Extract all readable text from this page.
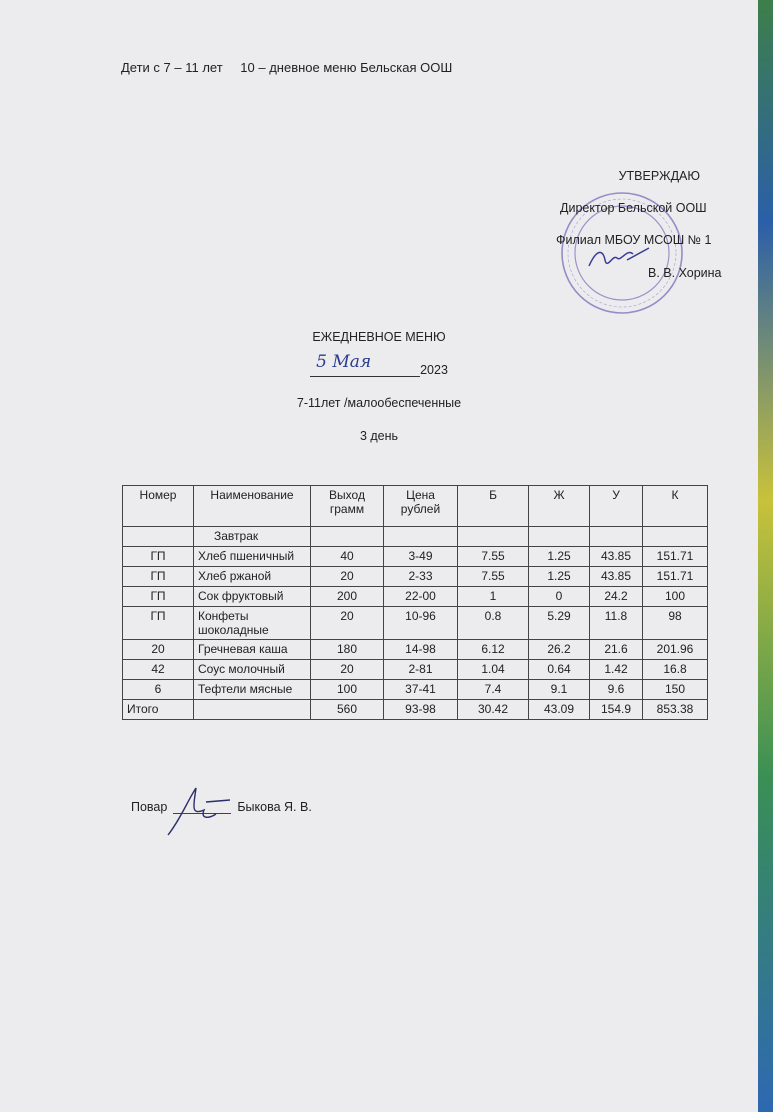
Дети с 7 – 11 лет 10 – дневное меню Бельская ООШ
УТВЕРЖДАЮ
Директор Бельской ООШ
Филиал МБОУ МСОШ № 1
В. В. Хорина
ЕЖЕДНЕВНОЕ МЕНЮ
5 Мая	2023
7-11лет /малообеспеченные
3 день
Номер	Наименование	Выход грамм	Цена рублей	Б	Ж	У	К
	Завтрак						
ГП	Хлеб пшеничный	40	3-49	7.55	1.25	43.85	151.71
ГП	Хлеб ржаной	20	2-33	7.55	1.25	43.85	151.71
ГП	Сок фруктовый	200	22-00	1	0	24.2	100
ГП	Конфеты шоколадные	20	10-96	0.8	5.29	11.8	98
20	Гречневая каша	180	14-98	6.12	26.2	21.6	201.96
42	Соус молочный	20	2-81	1.04	0.64	1.42	16.8
6	Тефтели мясные	100	37-41	7.4	9.1	9.6	150
Итого		560	93-98	30.42	43.09	154.9	853.38
Повар	Быкова Я. В.
